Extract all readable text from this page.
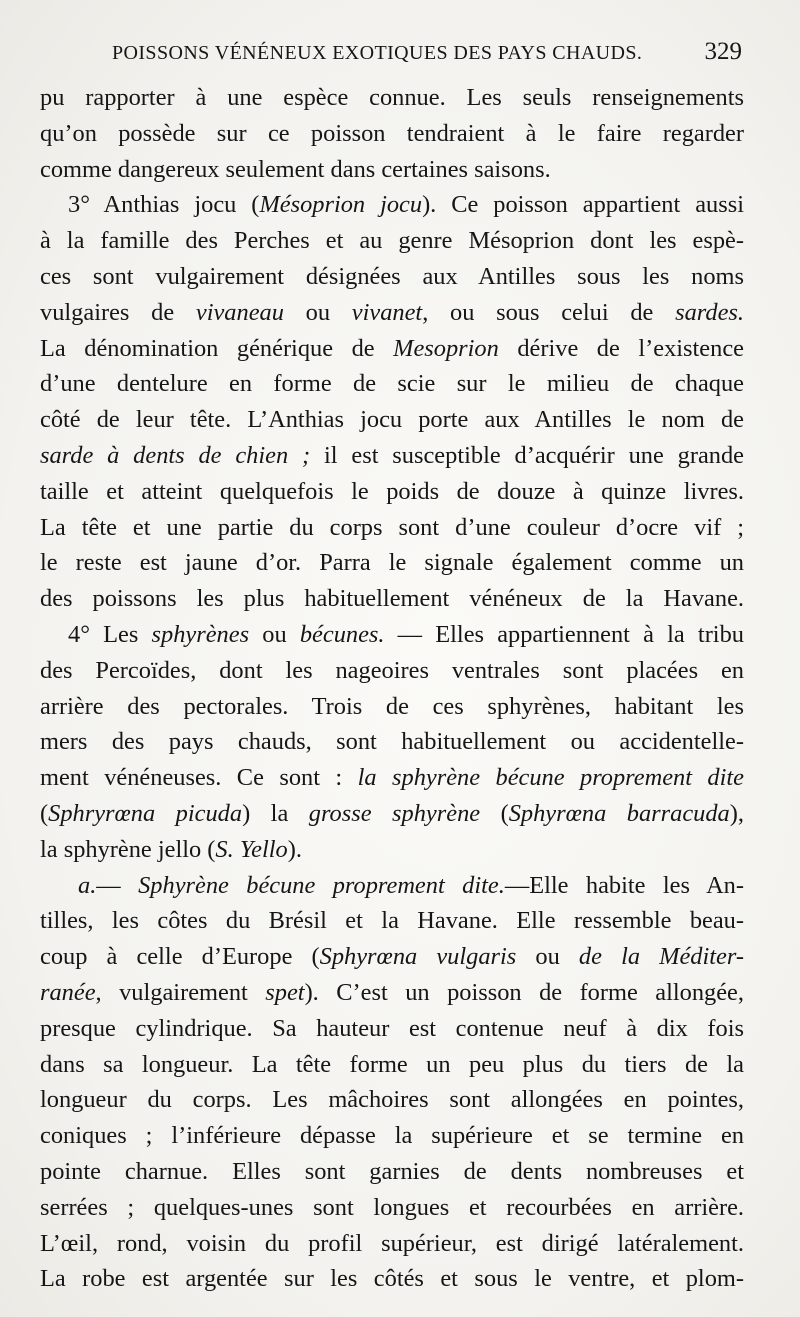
POISSONS VÉNÉNEUX EXOTIQUES DES PAYS CHAUDS. 329
pu rapporter à une espèce connue. Les seuls renseignements
qu’on possède sur ce poisson tendraient à le faire regarder
comme dangereux seulement dans certaines saisons.
3° Anthias jocu (Mésoprion jocu). Ce poisson appartient aussi
à la famille des Perches et au genre Mésoprion dont les espè-
ces sont vulgairement désignées aux Antilles sous les noms
vulgaires de vivaneau ou vivanet, ou sous celui de sardes.
La dénomination générique de Mesoprion dérive de l’existence
d’une dentelure en forme de scie sur le milieu de chaque
côté de leur tête. L’Anthias jocu porte aux Antilles le nom de
sarde à dents de chien ; il est susceptible d’acquérir une grande
taille et atteint quelquefois le poids de douze à quinze livres.
La tête et une partie du corps sont d’une couleur d’ocre vif ;
le reste est jaune d’or. Parra le signale également comme un
des poissons les plus habituellement vénéneux de la Havane.
4° Les sphyrènes ou bécunes. — Elles appartiennent à la tribu
des Percoïdes, dont les nageoires ventrales sont placées en
arrière des pectorales. Trois de ces sphyrènes, habitant les
mers des pays chauds, sont habituellement ou accidentelle-
ment vénéneuses. Ce sont : la sphyrène bécune proprement dite
(Sphryrœna picuda) la grosse sphyrène (Sphyrœna barracuda),
la sphyrène jello (S. Yello).
a.— Sphyrène bécune proprement dite.—Elle habite les An-
tilles, les côtes du Brésil et la Havane. Elle ressemble beau-
coup à celle d’Europe (Sphyrœna vulgaris ou de la Méditer-
ranée, vulgairement spet). C’est un poisson de forme allongée,
presque cylindrique. Sa hauteur est contenue neuf à dix fois
dans sa longueur. La tête forme un peu plus du tiers de la
longueur du corps. Les mâchoires sont allongées en pointes,
coniques ; l’inférieure dépasse la supérieure et se termine en
pointe charnue. Elles sont garnies de dents nombreuses et
serrées ; quelques-unes sont longues et recourbées en arrière.
L’œil, rond, voisin du profil supérieur, est dirigé latéralement.
La robe est argentée sur les côtés et sous le ventre, et plom-
